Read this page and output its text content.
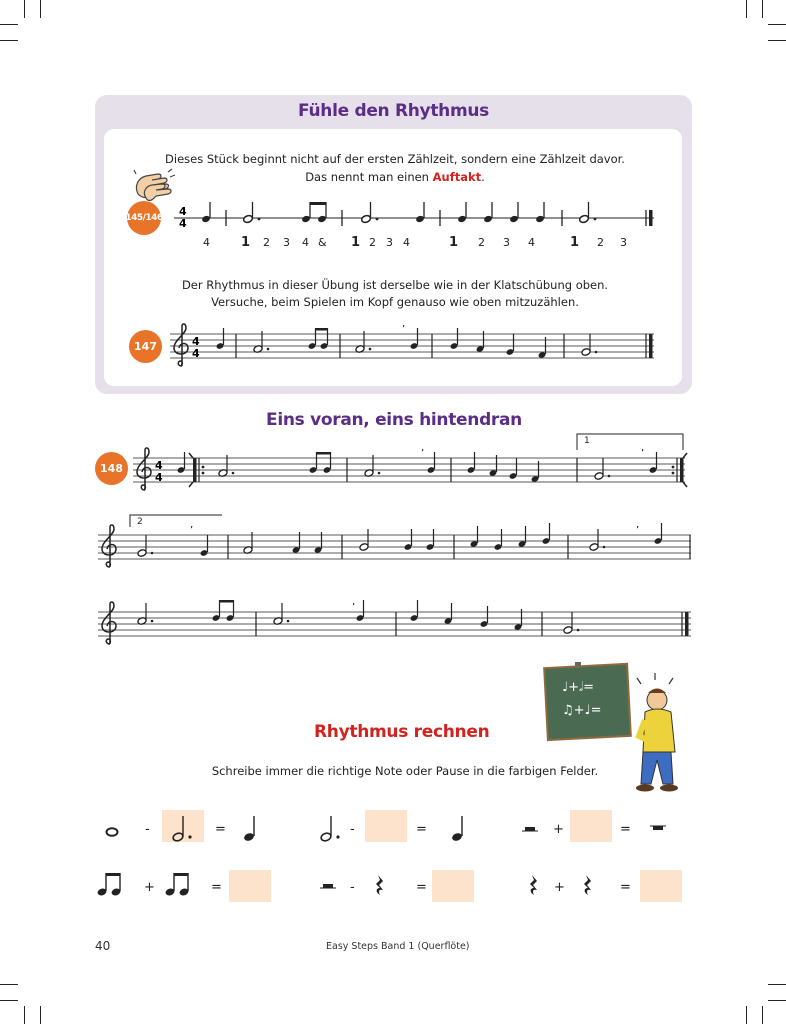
Fühle den Rhythmus
Dieses Stück beginnt nicht auf der ersten Zählzeit, sondern eine Zählzeit davor.
Das nennt man einen Auftakt.
145/146 4
4
4 1 2 3 4 & 1 2 3 4	1 2 3 4	1 2 3
Der Rhythmus in dieser Übung ist derselbe wie in der Klatschübung oben.
Versuche, beim Spielen im Kopf genauso wie oben mitzuzählen.
147	4
4
’
Eins voran, eins hintendran
148	4
4
’	’
1
’	’
2
’
♩+𝅗𝅥=
♫+♩=
Rhythmus rechnen
Schreibe immer die richtige Note oder Pause in die farbigen Felder.
-	=	-	=	+	=
+	=	-	=	+	=
40	Easy Steps Band 1 (Querflöte)
